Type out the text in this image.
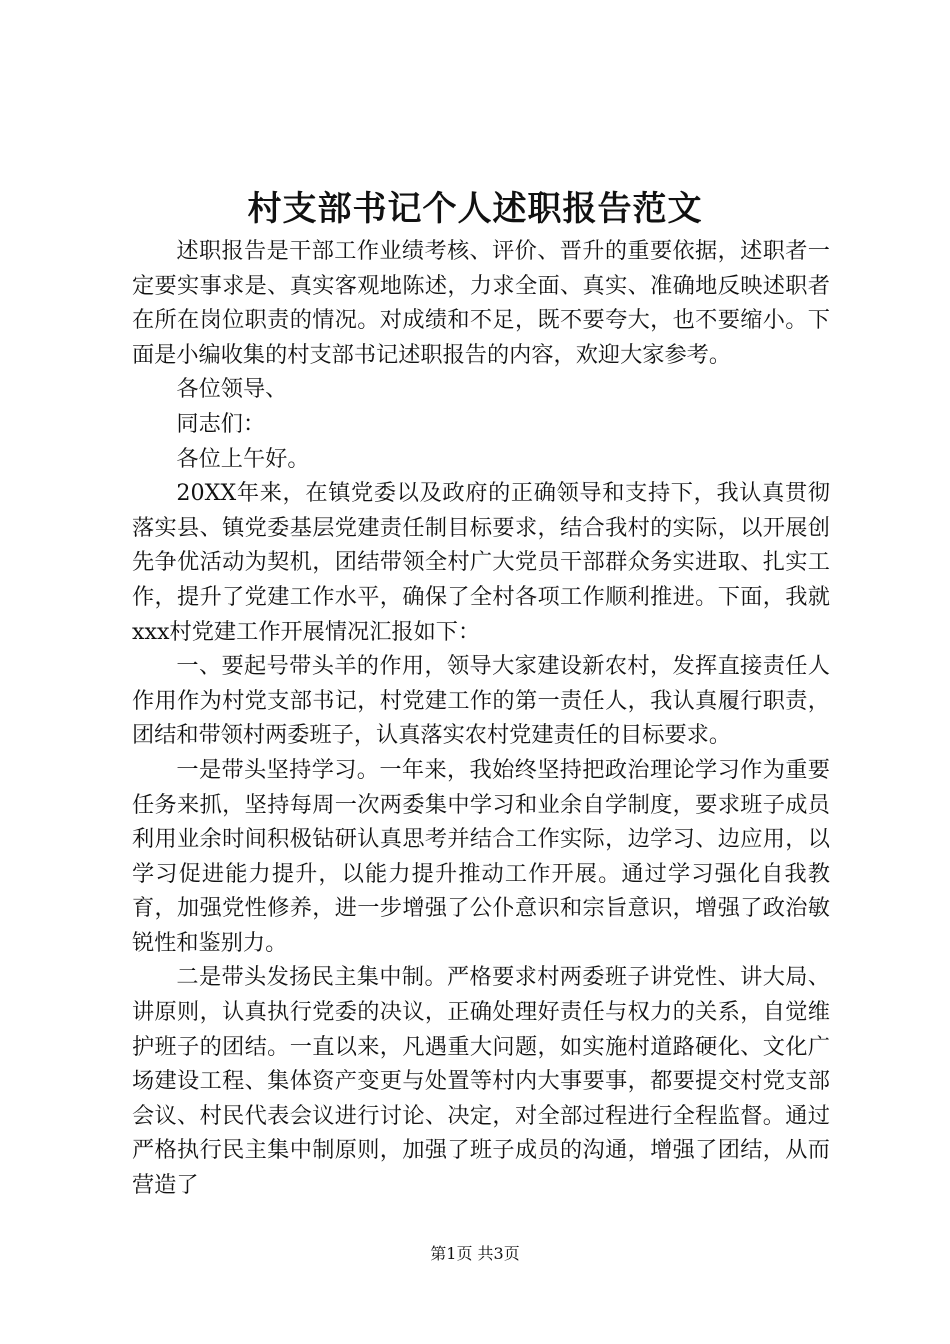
村支部书记个人述职报告范文

述职报告是干部工作业绩考核、评价、晋升的重要依据，述职者一定要实事求是、真实客观地陈述，力求全面、真实、准确地反映述职者在所在岗位职责的情况。对成绩和不足，既不要夸大，也不要缩小。下面是小编收集的村支部书记述职报告的内容，欢迎大家参考。

各位领导、

同志们：

各位上午好。

20XX年来，在镇党委以及政府的正确领导和支持下，我认真贯彻落实县、镇党委基层党建责任制目标要求，结合我村的实际，以开展创先争优活动为契机，团结带领全村广大党员干部群众务实进取、扎实工作，提升了党建工作水平，确保了全村各项工作顺利推进。下面，我就xxx村党建工作开展情况汇报如下：

一、要起号带头羊的作用，领导大家建设新农村，发挥直接责任人作用作为村党支部书记，村党建工作的第一责任人，我认真履行职责，团结和带领村两委班子，认真落实农村党建责任的目标要求。

一是带头坚持学习。一年来，我始终坚持把政治理论学习作为重要任务来抓，坚持每周一次两委集中学习和业余自学制度，要求班子成员利用业余时间积极钻研认真思考并结合工作实际，边学习、边应用，以学习促进能力提升，以能力提升推动工作开展。通过学习强化自我教育，加强党性修养，进一步增强了公仆意识和宗旨意识，增强了政治敏锐性和鉴别力。

二是带头发扬民主集中制。严格要求村两委班子讲党性、讲大局、讲原则，认真执行党委的决议，正确处理好责任与权力的关系，自觉维护班子的团结。一直以来，凡遇重大问题，如实施村道路硬化、文化广场建设工程、集体资产变更与处置等村内大事要事，都要提交村党支部会议、村民代表会议进行讨论、决定，对全部过程进行全程监督。通过严格执行民主集中制原则，加强了班子成员的沟通，增强了团结，从而营造了

第1页 共3页
